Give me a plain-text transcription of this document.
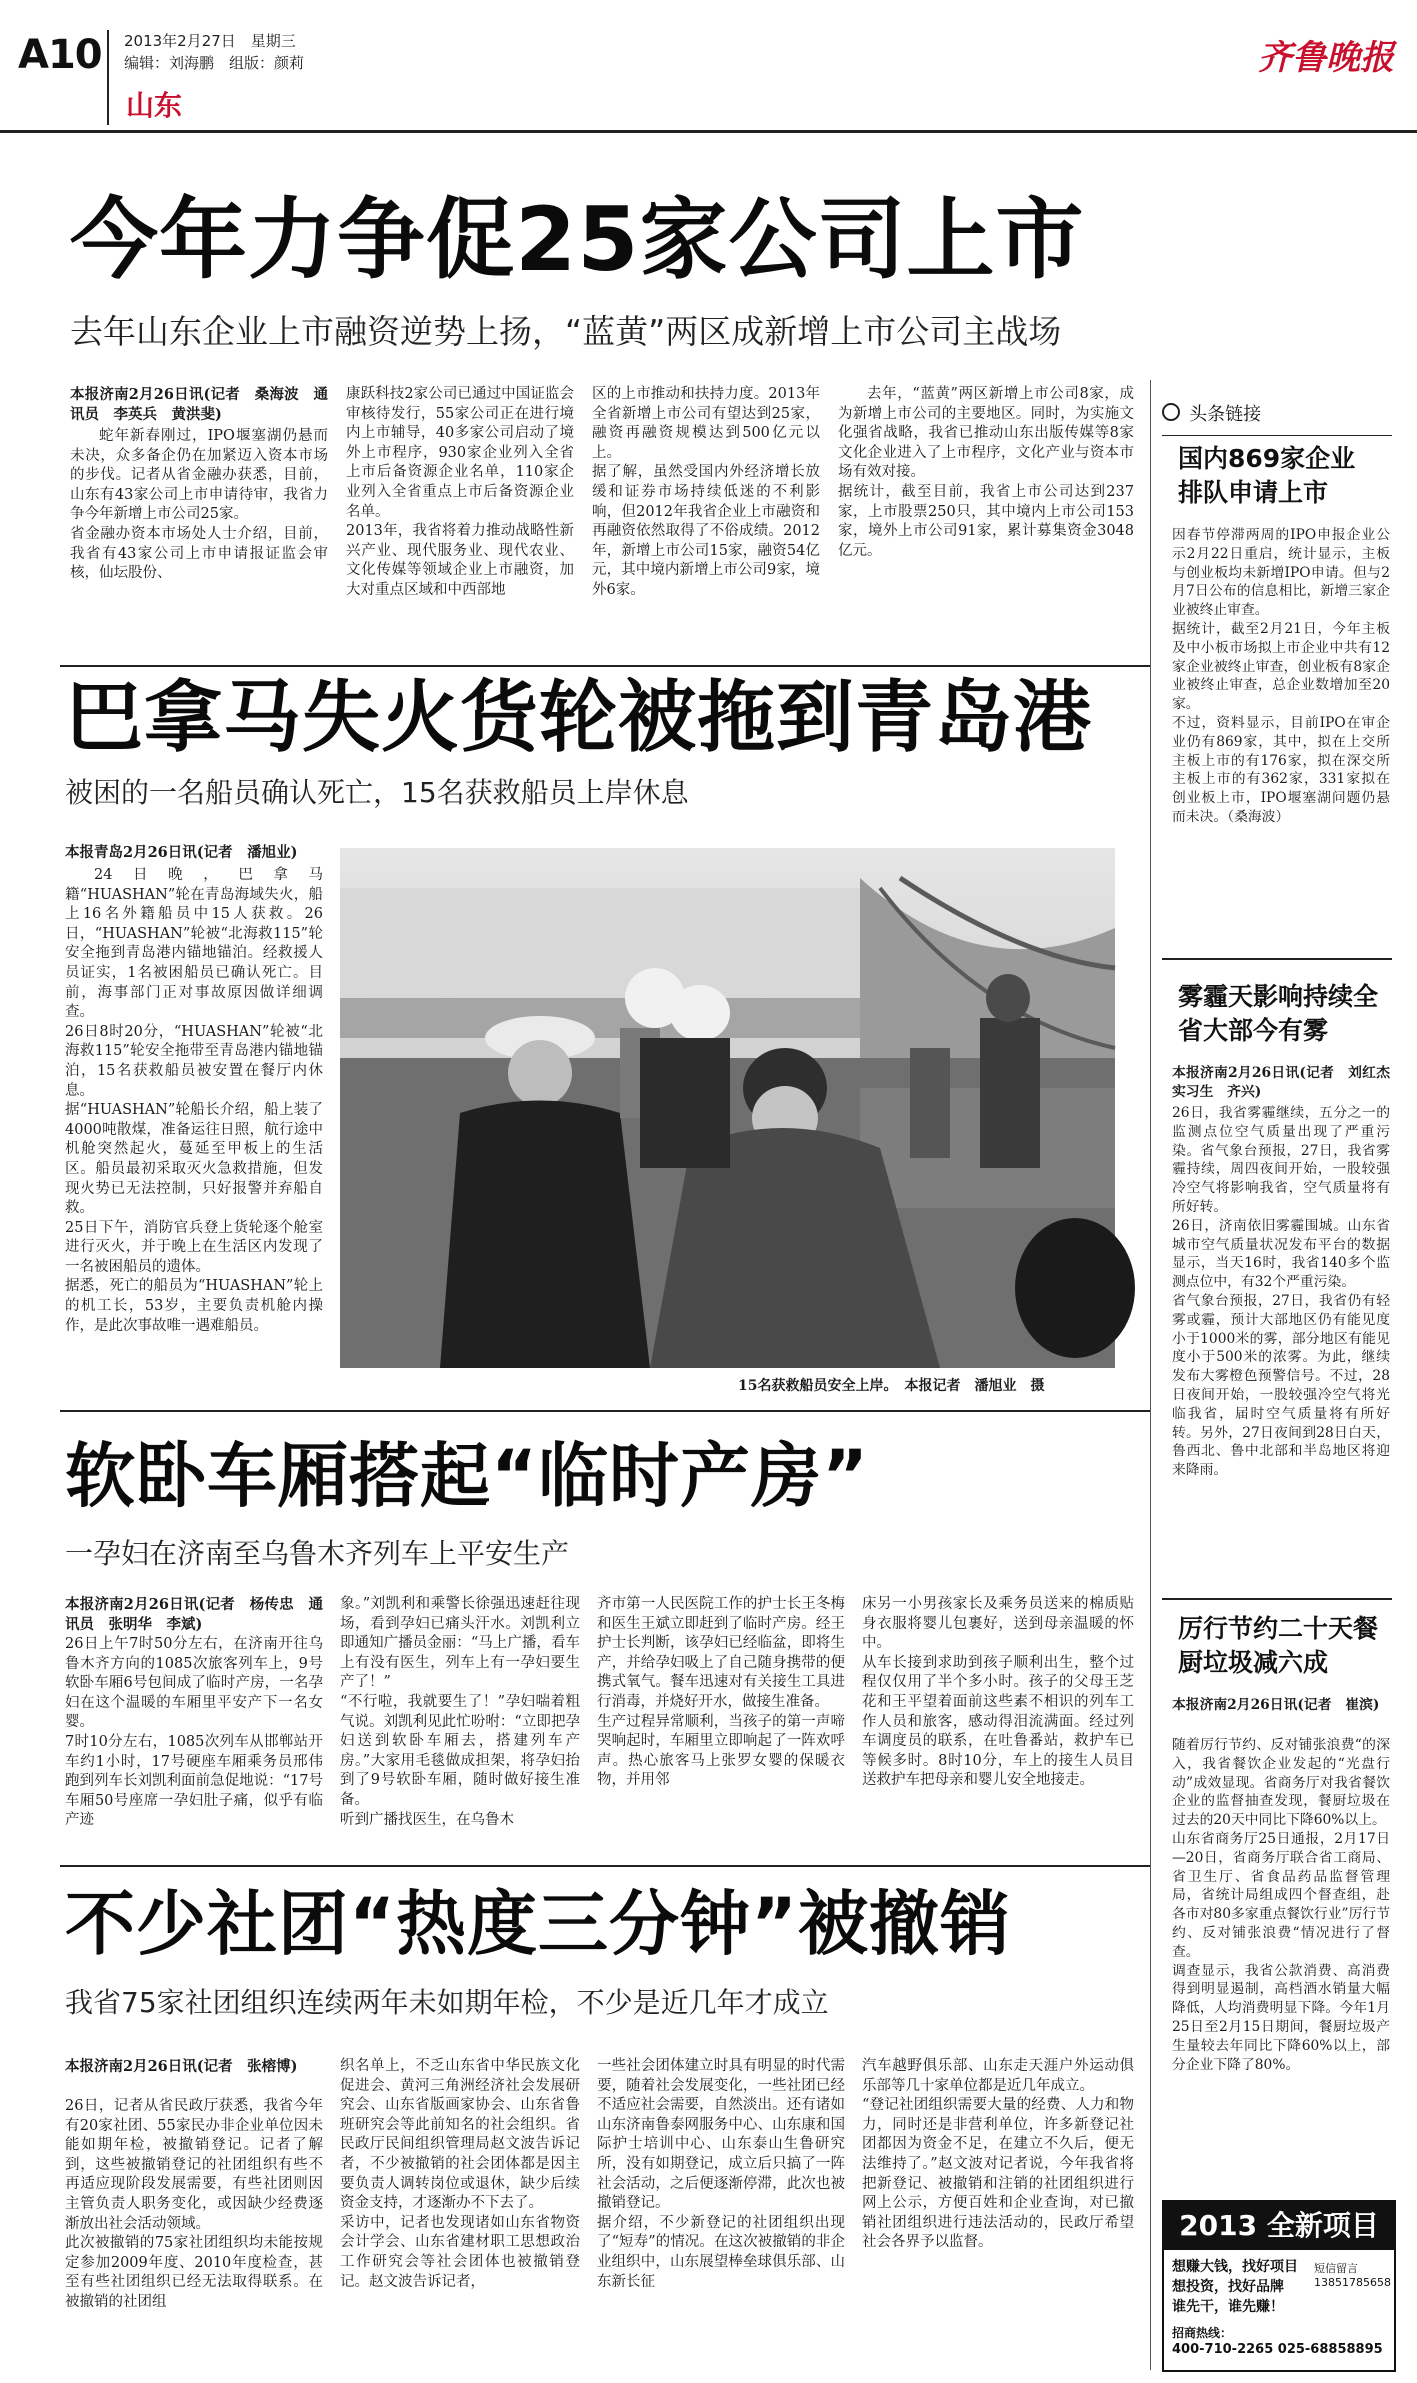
A10 2013年2月27日　星期三
编辑：刘海鹏　组版：颜莉
山东
齐鲁晚报
今年力争促25家公司上市
去年山东企业上市融资逆势上扬，“蓝黄”两区成新增上市公司主战场

本报济南2月26日讯(记者　桑海波　通讯员　李英兵　黄洪斐)

蛇年新春刚过，IPO堰塞湖仍悬而未决，众多备企仍在加紧迈入资本市场的步伐。记者从省金融办获悉，目前，山东有43家公司上市申请待审，我省力争今年新增上市公司25家。
省金融办资本市场处人士介绍，目前，我省有43家公司上市申请报证监会审核，仙坛股份、

康跃科技2家公司已通过中国证监会审核待发行，55家公司正在进行境内上市辅导，40多家公司启动了境外上市程序，930家企业列入全省上市后备资源企业名单，110家企业列入全省重点上市后备资源企业名单。
2013年，我省将着力推动战略性新兴产业、现代服务业、现代农业、文化传媒等领域企业上市融资，加大对重点区域和中西部地

区的上市推动和扶持力度。2013年全省新增上市公司有望达到25家，融资再融资规模达到500亿元以上。
据了解，虽然受国内外经济增长放缓和证券市场持续低迷的不利影响，但2012年我省企业上市融资和再融资依然取得了不俗成绩。2012年，新增上市公司15家，融资54亿元，其中境内新增上市公司9家，境外6家。

去年，“蓝黄”两区新增上市公司8家，成为新增上市公司的主要地区。同时，为实施文化强省战略，我省已推动山东出版传媒等8家文化企业进入了上市程序，文化产业与资本市场有效对接。
据统计，截至目前，我省上市公司达到237家，上市股票250只，其中境内上市公司153家，境外上市公司91家，累计募集资金3048亿元。

巴拿马失火货轮被拖到青岛港
被困的一名船员确认死亡，15名获救船员上岸休息

本报青岛2月26日讯(记者　潘旭业)

24日晚，巴拿马籍“HUASHAN”轮在青岛海域失火，船上16名外籍船员中15人获救。26日，“HUASHAN”轮被“北海救115”轮安全拖到青岛港内锚地锚泊。经救援人员证实，1名被困船员已确认死亡。目前，海事部门正对事故原因做详细调查。
26日8时20分，“HUASHAN”轮被“北海救115”轮安全拖带至青岛港内锚地锚泊，15名获救船员被安置在餐厅内休息。
据“HUASHAN”轮船长介绍，船上装了4000吨散煤，准备运往日照，航行途中机舱突然起火，蔓延至甲板上的生活区。船员最初采取灭火急救措施，但发现火势已无法控制，只好报警并弃船自救。
25日下午，消防官兵登上货轮逐个舱室进行灭火，并于晚上在生活区内发现了一名被困船员的遗体。
据悉，死亡的船员为“HUASHAN”轮上的机工长，53岁，主要负责机舱内操作，是此次事故唯一遇难船员。

15名获救船员安全上岸。　本报记者　潘旭业　摄

软卧车厢搭起“临时产房”
一孕妇在济南至乌鲁木齐列车上平安生产

本报济南2月26日讯(记者　杨传忠　通讯员　张明华　李斌)

26日上午7时50分左右，在济南开往乌鲁木齐方向的1085次旅客列车上，9号软卧车厢6号包间成了临时产房，一名孕妇在这个温暖的车厢里平安产下一名女婴。
7时10分左右，1085次列车从邯郸站开车约1小时，17号硬座车厢乘务员邢伟跑到列车长刘凯利面前急促地说：“17号车厢50号座席一孕妇肚子痛，似乎有临产迹

象。”刘凯利和乘警长徐强迅速赶往现场，看到孕妇已痛头汗水。刘凯利立即通知广播员金丽：“马上广播，看车上有没有医生，列车上有一孕妇要生产了！”
“不行啦，我就要生了！”孕妇喘着粗气说。刘凯利见此忙吩咐：“立即把孕妇送到软卧车厢去，搭建列车产房。”大家用毛毯做成担架，将孕妇抬到了9号软卧车厢，随时做好接生准备。
听到广播找医生，在乌鲁木

齐市第一人民医院工作的护士长王冬梅和医生王斌立即赶到了临时产房。经王护士长判断，该孕妇已经临盆，即将生产，并给孕妇吸上了自己随身携带的便携式氧气。餐车迅速对有关接生工具进行消毒，并烧好开水，做接生准备。
生产过程异常顺利，当孩子的第一声啼哭响起时，车厢里立即响起了一阵欢呼声。热心旅客马上张罗女婴的保暖衣物，并用邻

床另一小男孩家长及乘务员送来的棉质贴身衣服将婴儿包裹好，送到母亲温暖的怀中。
从车长接到求助到孩子顺利出生，整个过程仅仅用了半个多小时。孩子的父母王芝花和王平望着面前这些素不相识的列车工作人员和旅客，感动得泪流满面。经过列车调度员的联系，在吐鲁番站，救护车已等候多时。8时10分，车上的接生人员目送救护车把母亲和婴儿安全地接走。

不少社团“热度三分钟”被撤销
我省75家社团组织连续两年未如期年检，不少是近几年才成立

本报济南2月26日讯(记者　张榕博)

26日，记者从省民政厅获悉，我省今年有20家社团、55家民办非企业单位因未能如期年检，被撤销登记。记者了解到，这些被撤销登记的社团组织有些不再适应现阶段发展需要，有些社团则因主管负责人职务变化，或因缺少经费逐渐放出社会活动领域。
此次被撤销的75家社团组织均未能按规定参加2009年度、2010年度检查，甚至有些社团组织已经无法取得联系。在被撤销的社团组

织名单上，不乏山东省中华民族文化促进会、黄河三角洲经济社会发展研究会、山东省版画家协会、山东省鲁班研究会等此前知名的社会组织。省民政厅民间组织管理局赵文波告诉记者，不少被撤销的社会团体都是因主要负责人调转岗位或退休，缺少后续资金支持，才逐渐办不下去了。
采访中，记者也发现诸如山东省物资会计学会、山东省建材职工思想政治工作研究会等社会团体也被撤销登记。赵文波告诉记者，

一些社会团体建立时具有明显的时代需要，随着社会发展变化，一些社团已经不适应社会需要，自然淡出。还有诸如山东济南鲁泰网服务中心、山东康和国际护士培训中心、山东泰山生鲁研究所，没有如期登记，成立后只搞了一阵社会活动，之后便逐渐停滞，此次也被撤销登记。
据介绍，不少新登记的社团组织出现了“短寿”的情况。在这次被撤销的非企业组织中，山东展望棒垒球俱乐部、山东新长征

汽车越野俱乐部、山东走天涯户外运动俱乐部等几十家单位都是近几年成立。
“登记社团组织需要大量的经费、人力和物力，同时还是非营利单位，许多新登记社团都因为资金不足，在建立不久后，便无法维持了。”赵文波对记者说，今年我省将把新登记、被撤销和注销的社团组织进行网上公示，方便百姓和企业查询，对已撤销社团组织进行违法活动的，民政厅希望社会各界予以监督。

头条链接
国内869家企业排队申请上市

因春节停滞两周的IPO申报企业公示2月22日重启，统计显示，主板与创业板均未新增IPO申请。但与2月7日公布的信息相比，新增三家企业被终止审查。
据统计，截至2月21日，今年主板及中小板市场拟上市企业中共有12家企业被终止审查，创业板有8家企业被终止审查，总企业数增加至20家。
不过，资料显示，目前IPO在审企业仍有869家，其中，拟在上交所主板上市的有176家，拟在深交所主板上市的有362家，331家拟在创业板上市，IPO堰塞湖问题仍悬而未决。（桑海波）

雾霾天影响持续全省大部今有雾

本报济南2月26日讯(记者　刘红杰　实习生　齐兴)

26日，我省雾霾继续，五分之一的监测点位空气质量出现了严重污染。省气象台预报，27日，我省雾霾持续，周四夜间开始，一股较强冷空气将影响我省，空气质量将有所好转。
26日，济南依旧雾霾围城。山东省城市空气质量状况发布平台的数据显示，当天16时，我省140多个监测点位中，有32个严重污染。
省气象台预报，27日，我省仍有轻雾或霾，预计大部地区仍有能见度小于1000米的雾，部分地区有能见度小于500米的浓雾。为此，继续发布大雾橙色预警信号。不过，28日夜间开始，一股较强冷空气将光临我省，届时空气质量将有所好转。另外，27日夜间到28日白天，鲁西北、鲁中北部和半岛地区将迎来降雨。

厉行节约二十天餐厨垃圾减六成

本报济南2月26日讯(记者　崔滨)

随着厉行节约、反对铺张浪费“的深入，我省餐饮企业发起的“光盘行动”成效显现。省商务厅对我省餐饮企业的监督抽查发现，餐厨垃圾在过去的20天中同比下降60%以上。
山东省商务厅25日通报，2月17日—20日，省商务厅联合省工商局、省卫生厅、省食品药品监督管理局，省统计局组成四个督查组，赴各市对80多家重点餐饮行业”厉行节约、反对铺张浪费“情况进行了督查。
调查显示，我省公款消费、高消费得到明显遏制，高档酒水销量大幅降低，人均消费明显下降。今年1月25日至2月15日期间，餐厨垃圾产生量较去年同比下降60%以上，部分企业下降了80%。

2013 全新项目
想赚大钱，找好项目
想投资，找好品牌
谁先干，谁先赚！
短信留言 13851785658
招商热线：
400-710-2265 025-68858895
